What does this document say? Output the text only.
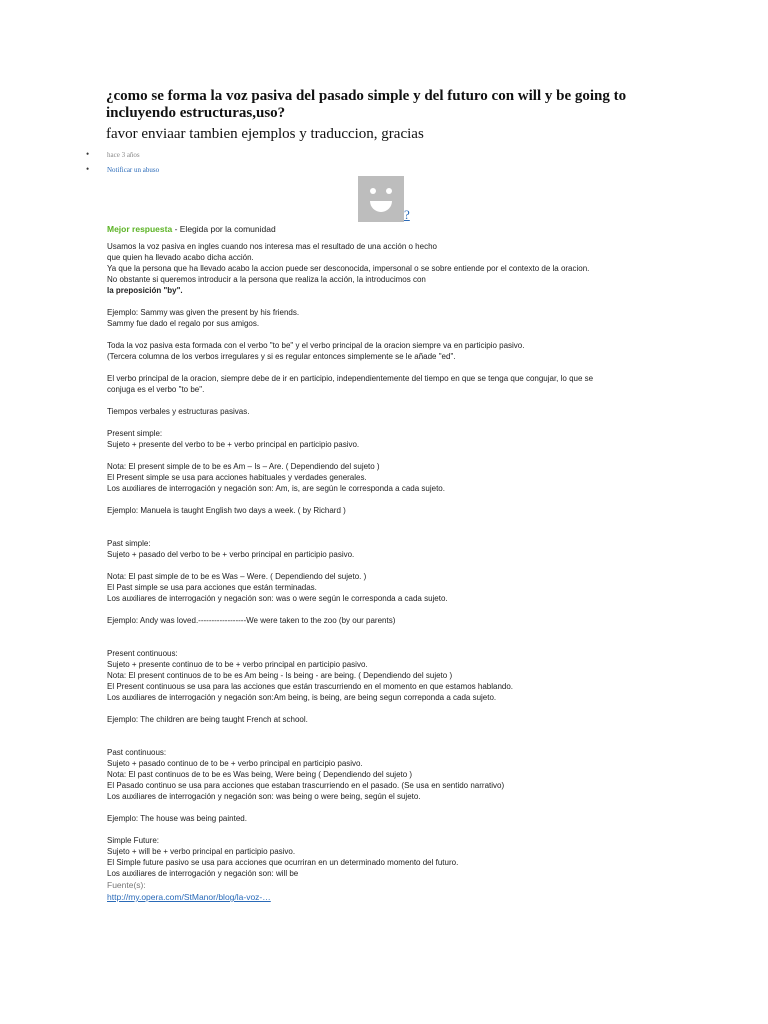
¿como se forma la voz pasiva del pasado simple y del futuro con will y be going to incluyendo estructuras,uso?
favor enviaar tambien ejemplos y traduccion, gracias
•	hace 3 años
•	Notificar un abuso
?
Mejor respuesta - Elegida por la comunidad
Usamos la voz pasiva en ingles cuando nos interesa mas el resultado de una acción o hecho
que quien ha llevado acabo dicha acción.
Ya que la persona que ha llevado acabo la accion puede ser desconocida, impersonal o se sobre entiende por el contexto de la oracion.
No obstante si queremos introducir a la persona que realiza la acción, la introducimos con
la preposición "by".
Ejemplo: Sammy was given the present by his friends.
Sammy fue dado el regalo por sus amigos.
Toda la voz pasiva esta formada con el verbo "to be" y el verbo principal de la oracion siempre va en participio pasivo.
(Tercera columna de los verbos irregulares y si es regular entonces simplemente se le añade "ed".
El verbo principal de la oracion, siempre debe de ir en participio, independientemente del tiempo en que se tenga que congujar, lo que se
conjuga es el verbo "to be".
Tiempos verbales y estructuras pasivas.
Present simple:
Sujeto + presente del verbo to be + verbo principal en participio pasivo.
Nota: El present simple de to be es Am – Is – Are. ( Dependiendo del sujeto )
El Present simple se usa para acciones habituales y verdades generales.
Los auxiliares de interrogación y negación son: Am, is, are según le corresponda a cada sujeto.
Ejemplo: Manuela is taught English two days a week. ( by Richard )
Past simple:
Sujeto + pasado del verbo to be + verbo principal en participio pasivo.
Nota: El past simple de to be es Was – Were. ( Dependiendo del sujeto. )
El Past simple se usa para acciones que están terminadas.
Los auxiliares de interrogación y negación son: was o were según le corresponda a cada sujeto.
Ejemplo: Andy was loved.------------------We were taken to the zoo (by our parents)
Present continuous:
Sujeto + presente continuo de to be + verbo principal en participio pasivo.
Nota: El present continuos de to be es Am being - Is being - are being. ( Dependiendo del sujeto )
El Present continuous se usa para las acciones que están trascurriendo en el momento en que estamos hablando.
Los auxiliares de interrogación y negación son:Am being, is being, are being segun correponda a cada sujeto.
Ejemplo: The children are being taught French at school.
Past continuous:
Sujeto + pasado continuo de to be + verbo principal en participio pasivo.
Nota: El past continuos de to be es Was being, Were being ( Dependiendo del sujeto )
El Pasado continuo se usa para acciones que estaban trascurriendo en el pasado. (Se usa en sentido narrativo)
Los auxiliares de interrogación y negación son: was being o were being, según el sujeto.
Ejemplo: The house was being painted.
Simple Future:
Sujeto + will be + verbo principal en participio pasivo.
El Simple future pasivo se usa para acciones que ocurriran en un determinado momento del futuro.
Los auxiliares de interrogación y negación son: will be
Fuente(s):
http://my.opera.com/StManor/blog/la-voz-…
